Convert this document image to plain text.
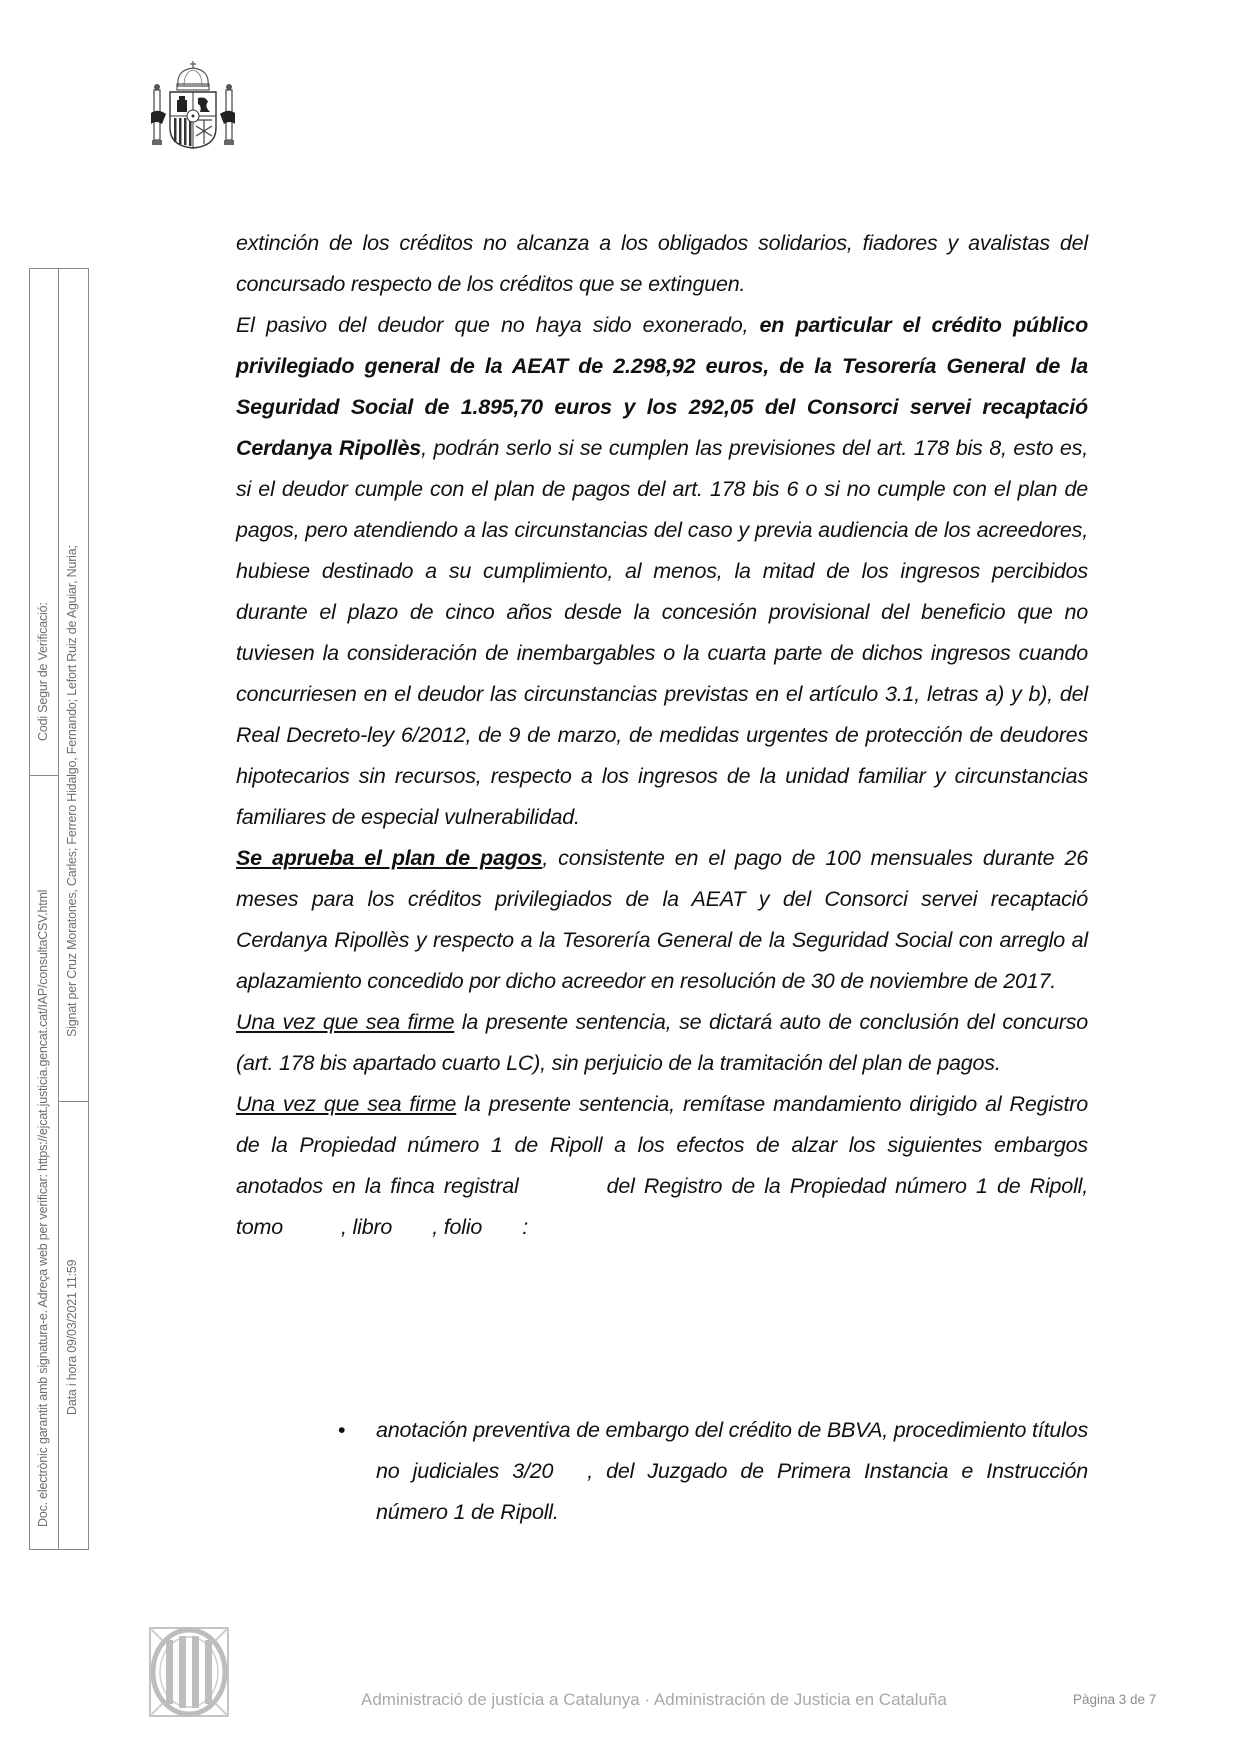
Doc. electrònic garantit amb signatura-e. Adreça web per verificar: https://ejcat.justicia.gencat.cat/IAP/consultaCSV.html
Codi Segur de Verificació:
Data i hora 09/03/2021 11:59
Signat per Cruz Moratones, Carles; Ferrero Hidalgo, Fernando; Lefort Ruiz de Aguiar, Nuria;

extinción de los créditos no alcanza a los obligados solidarios, fiadores y avalistas del concursado respecto de los créditos que se extinguen.

El pasivo del deudor que no haya sido exonerado, en particular el crédito público privilegiado general de la AEAT de 2.298,92 euros, de la Tesorería General de la Seguridad Social de 1.895,70 euros y los 292,05 del Consorci servei recaptació Cerdanya Ripollès, podrán serlo si se cumplen las previsiones del art. 178 bis 8, esto es, si el deudor cumple con el plan de pagos del art. 178 bis 6 o si no cumple con el plan de pagos, pero atendiendo a las circunstancias del caso y previa audiencia de los acreedores, hubiese destinado a su cumplimiento, al menos, la mitad de los ingresos percibidos durante el plazo de cinco años desde la concesión provisional del beneficio que no tuviesen la consideración de inembargables o la cuarta parte de dichos ingresos cuando concurriesen en el deudor las circunstancias previstas en el artículo 3.1, letras a) y b), del Real Decreto-ley 6/2012, de 9 de marzo, de medidas urgentes de protección de deudores hipotecarios sin recursos, respecto a los ingresos de la unidad familiar y circunstancias familiares de especial vulnerabilidad.

Se aprueba el plan de pagos, consistente en el pago de 100 mensuales durante 26 meses para los créditos privilegiados de la AEAT y del Consorci servei recaptació Cerdanya Ripollès y respecto a la Tesorería General de la Seguridad Social con arreglo al aplazamiento concedido por dicho acreedor en resolución de 30 de noviembre de 2017.

Una vez que sea firme la presente sentencia, se dictará auto de conclusión del concurso (art. 178 bis apartado cuarto LC), sin perjuicio de la tramitación del plan de pagos.

Una vez que sea firme la presente sentencia, remítase mandamiento dirigido al Registro de la Propiedad número 1 de Ripoll a los efectos de alzar los siguientes embargos anotados en la finca registral	del Registro de la Propiedad número 1 de Ripoll, tomo	, libro , folio :

• anotación preventiva de embargo del crédito de BBVA, procedimiento títulos no judiciales 3/20 , del Juzgado de Primera Instancia e Instrucción número 1 de Ripoll.
Administració de justícia a Catalunya · Administración de Justicia en Cataluña	Pàgina 3 de 7
